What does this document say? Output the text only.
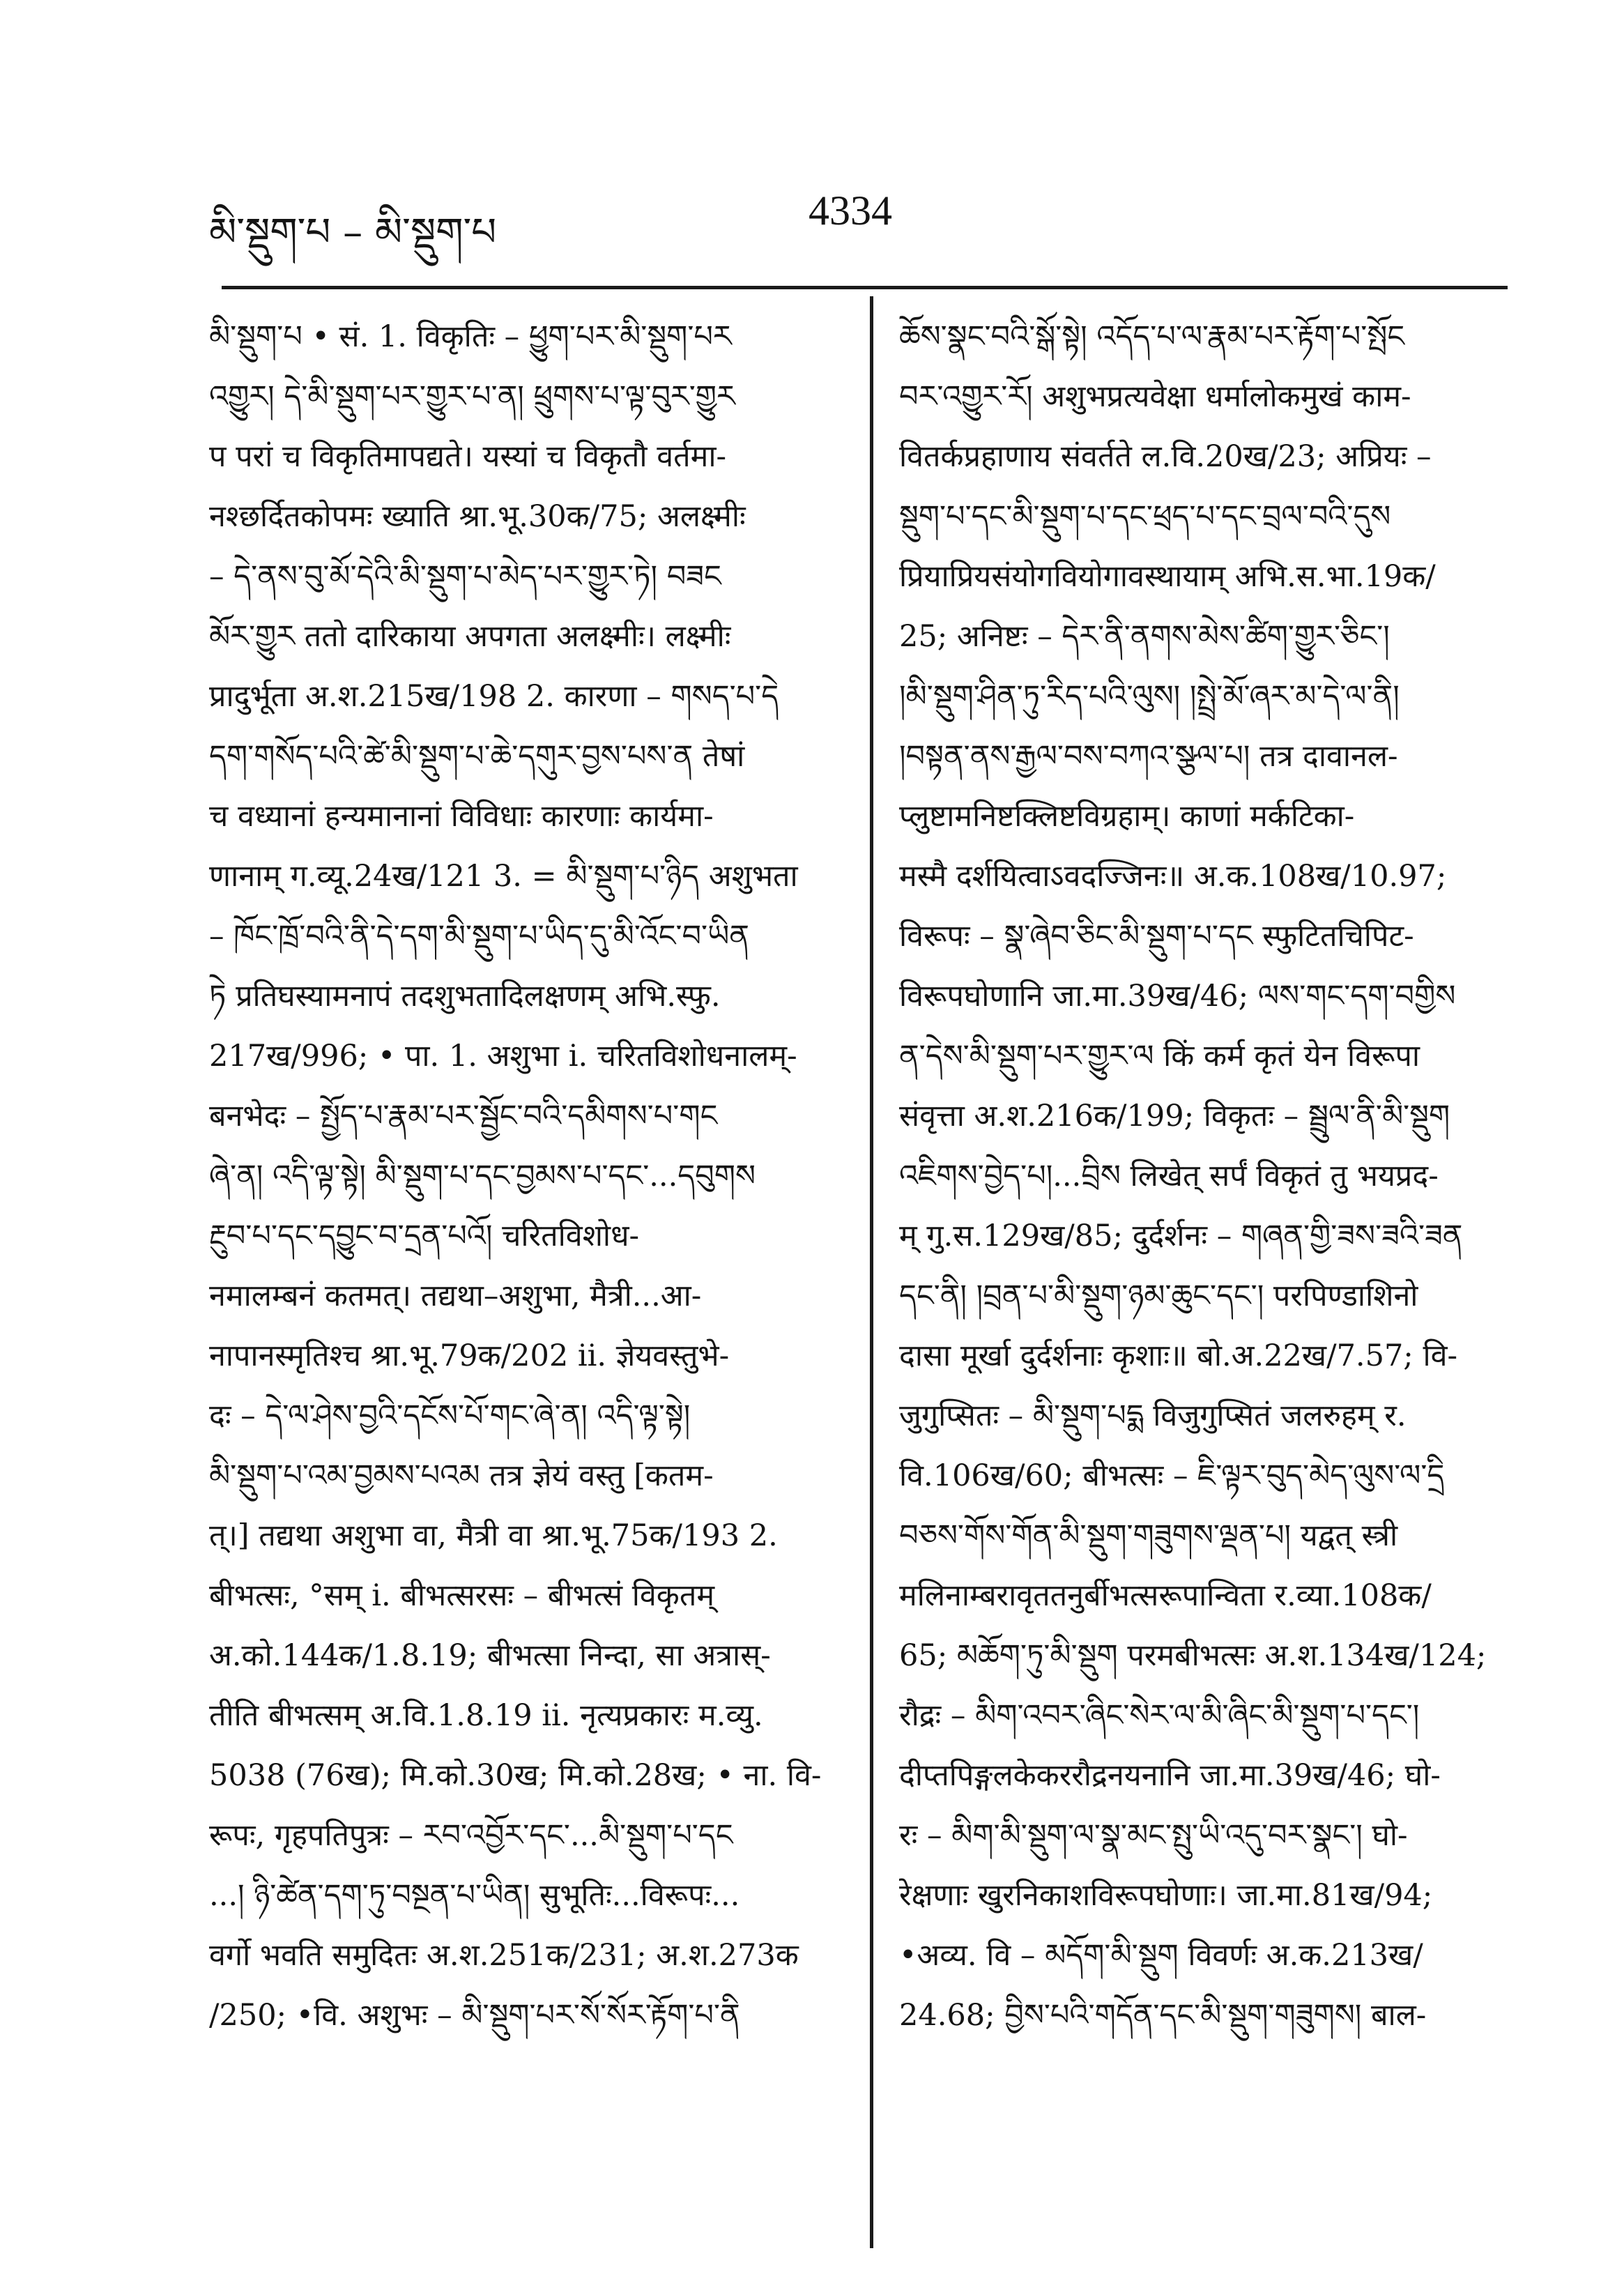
མི་སྡུག་པ – མི་སྡུག་པ	4334
མི་སྡུག་པ • सं. 1. विकृतिः – ཕྱུག་པར་མི་སྡུག་པར
འགྱུར། དེ་མི་སྡུག་པར་གྱུར་པ་ན། ཕྲུགས་པ་ལྟ་བུར་གྱུར
प परां च विकृतिमापद्यते। यस्यां च विकृतौ वर्तमा-
नश्छर्दितकोपमः ख्याति श्रा.भू.30क/75; अलक्ष्मीः
– དེ་ནས་བུ་མོ་དེའི་མི་སྡུག་པ་མེད་པར་གྱུར་ཏེ། བཟང
མོར་གྱུར ततो दारिकाया अपगता अलक्ष्मीः। लक्ष्मीः
प्रादुर्भूता अ.श.215ख/198 2. कारणा – གསད་པ་དེ
དག་གསོད་པའི་ཚེ་མི་སྡུག་པ་ཆེ་དགུར་བྱས་པས་ན तेषां
च वध्यानां हन्यमानानां विविधाः कारणाः कार्यमा-
णानाम् ग.व्यू.24ख/121 3. = མི་སྡུག་པ་ཉིད अशुभता
– ཁོང་ཁྲོ་བའི་ནི་དེ་དག་མི་སྡུག་པ་ཡིད་དུ་མི་འོང་བ་ཡིན
ཏེ प्रतिघस्यामनापं तदशुभतादिलक्षणम् अभि.स्फु.
217ख/996; • पा. 1. अशुभा i. चरितविशोधनालम्-
बनभेदः – སྤྱོད་པ་རྣམ་པར་སྦྱོང་བའི་དམིགས་པ་གང
ཞེ་ན། འདི་ལྟ་སྟེ། མི་སྡུག་པ་དང་བྱམས་པ་དང་...དབུགས
རྔུབ་པ་དང་དབྱུང་བ་དྲན་པའོ། चरितविशोध-
नमालम्बनं कतमत्। तद्यथा–अशुभा, मैत्री...आ-
नापानस्मृतिश्च श्रा.भू.79क/202 ii. ज्ञेयवस्तुभे-
दः – དེ་ལ་ཤེས་བྱའི་དངོས་པོ་གང་ཞེ་ན། འདི་ལྟ་སྟེ།
མི་སྡུག་པ་འམ་བྱམས་པའམ तत्र ज्ञेयं वस्तु [कतम-
त्।] तद्यथा अशुभा वा, मैत्री वा श्रा.भू.75क/193 2.
बीभत्सः, °सम् i. बीभत्सरसः – बीभत्सं विकृतम्
अ.को.144क/1.8.19; बीभत्सा निन्दा, सा अत्रास्-
तीति बीभत्सम् अ.वि.1.8.19 ii. नृत्यप्रकारः म.व्यु.
5038 (76ख); मि.को.30ख; मि.को.28ख; • ना. वि-
रूपः, गृहपतिपुत्रः – རབ་འབྱོར་དང་...མི་སྡུག་པ་དང
...། ཉི་ཚེན་དག་ཏུ་བསྔན་པ་ཡིན། सुभूतिः...विरूपः...
वर्गो भवति समुदितः अ.श.251क/231; अ.श.273क
/250; •वि. अशुभः – མི་སྡུག་པར་སོ་སོར་རྟོག་པ་ནི
ཆོས་སྣང་བའི་སྒོ་སྟེ། འདོད་པ་ལ་རྣམ་པར་རྟོག་པ་སྤོང
བར་འགྱུར་རོ། अशुभप्रत्यवेक्षा धर्मालोकमुखं काम-
वितर्कप्रहाणाय संवर्तते ल.वि.20ख/23; अप्रियः –
སྡུག་པ་དང་མི་སྡུག་པ་དང་ཕྲད་པ་དང་བྲལ་བའི་དུས
प्रियाप्रियसंयोगवियोगावस्थायाम् अभि.स.भा.19क/
25; अनिष्टः – དེར་ནི་ནགས་མེས་ཚིག་གྱུར་ཅིང་།
།མི་སྡུག་ཤིན་ཏུ་རིད་པའི་ལུས། །སྤྲེ་མོ་ཞར་མ་དེ་ལ་ནི།
།བསྟན་ནས་རྒྱལ་བས་བཀའ་སྩལ་པ། तत्र दावानल-
प्लुष्टामनिष्टक्लिष्टविग्रहाम्। काणां मर्कटिका-
मस्मै दर्शयित्वाऽवदज्जिनः॥ अ.क.108ख/10.97;
विरूपः – སྣ་ཞེབ་ཅིང་མི་སྡུག་པ་དང स्फुटितचिपिट-
विरूपघोणानि जा.मा.39ख/46; ལས་གང་དག་བགྱིས
ན་དེས་མི་སྡུག་པར་གྱུར་ལ किं कर्म कृतं येन विरूपा
संवृत्ता अ.श.216क/199; विकृतः – སྦྲུལ་ནི་མི་སྡུག
འཇིགས་བྱེད་པ།...བྲིས लिखेत् सर्पं विकृतं तु भयप्रद-
म् गु.स.129ख/85; दुर्दर्शनः – གཞན་གྱི་ཟས་ཟའི་ཟན
དང་ནི། །བྲན་པ་མི་སྡུག་ཉམ་ཆུང་དང་། परपिण्डाशिनो
दासा मूर्खा दुर्दर्शनाः कृशाः॥ बो.अ.22ख/7.57; वि-
जुगुप्सितः – མི་སྡུག་པདྨ विजुगुप्सितं जलरुहम् र.
वि.106ख/60; बीभत्सः – ཇི་ལྟར་བུད་མེད་ལུས་ལ་དྲི
བཅས་གོས་གོན་མི་སྡུག་གཟུགས་ལྡན་པ། यद्वत् स्त्री
मलिनाम्बरावृततनुर्बीभत्सरूपान्विता र.व्या.108क/
65; མཆོག་ཏུ་མི་སྡུག परमबीभत्सः अ.श.134ख/124;
रौद्रः – མིག་འབར་ཞིང་སེར་ལ་མི་ཞིང་མི་སྡུག་པ་དང་།
दीप्तपिङ्गलकेकररौद्रनयनानि जा.मा.39ख/46; घो-
रः – མིག་མི་སྡུག་ལ་སྣ་མང་སྤུ་ཡི་འདུ་བར་སྣང་། घो-
रेक्षणाः खुरनिकाशविरूपघोणाः। जा.मा.81ख/94;
•अव्य. वि – མདོག་མི་སྡུག विवर्णः अ.क.213ख/
24.68; བྱིས་པའི་གདོན་དང་མི་སྡུག་གཟུགས། बाल-
